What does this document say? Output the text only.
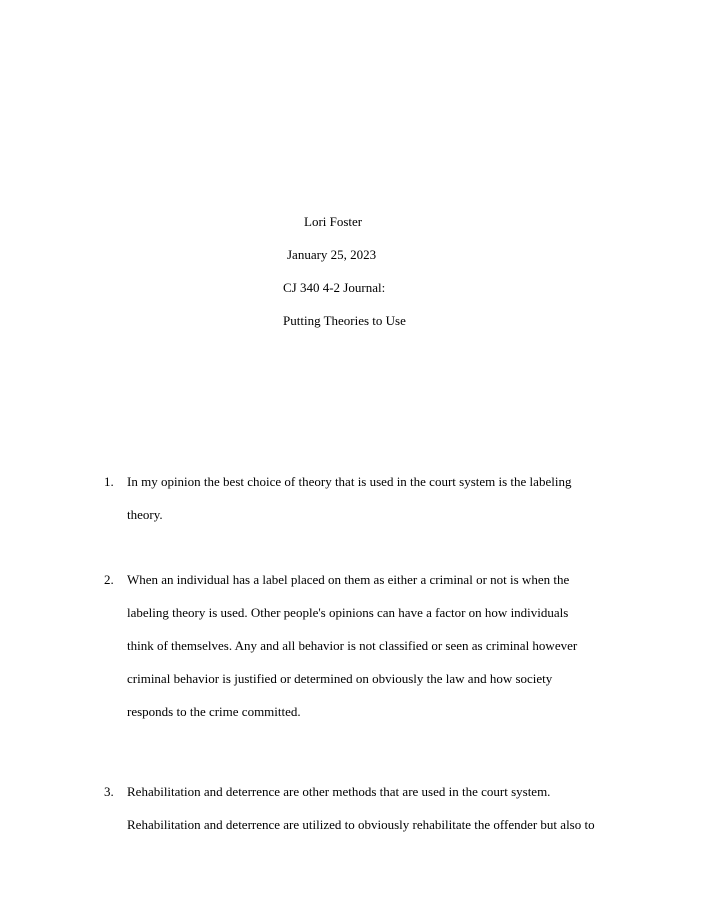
Lori Foster
January 25, 2023
CJ 340 4-2 Journal:
Putting Theories to Use
1. In my opinion the best choice of theory that is used in the court system is the labeling
theory.
2. When an individual has a label placed on them as either a criminal or not is when the
labeling theory is used. Other people's opinions can have a factor on how individuals
think of themselves. Any and all behavior is not classified or seen as criminal however
criminal behavior is justified or determined on obviously the law and how society
responds to the crime committed.
3. Rehabilitation and deterrence are other methods that are used in the court system.
Rehabilitation and deterrence are utilized to obviously rehabilitate the offender but also to
